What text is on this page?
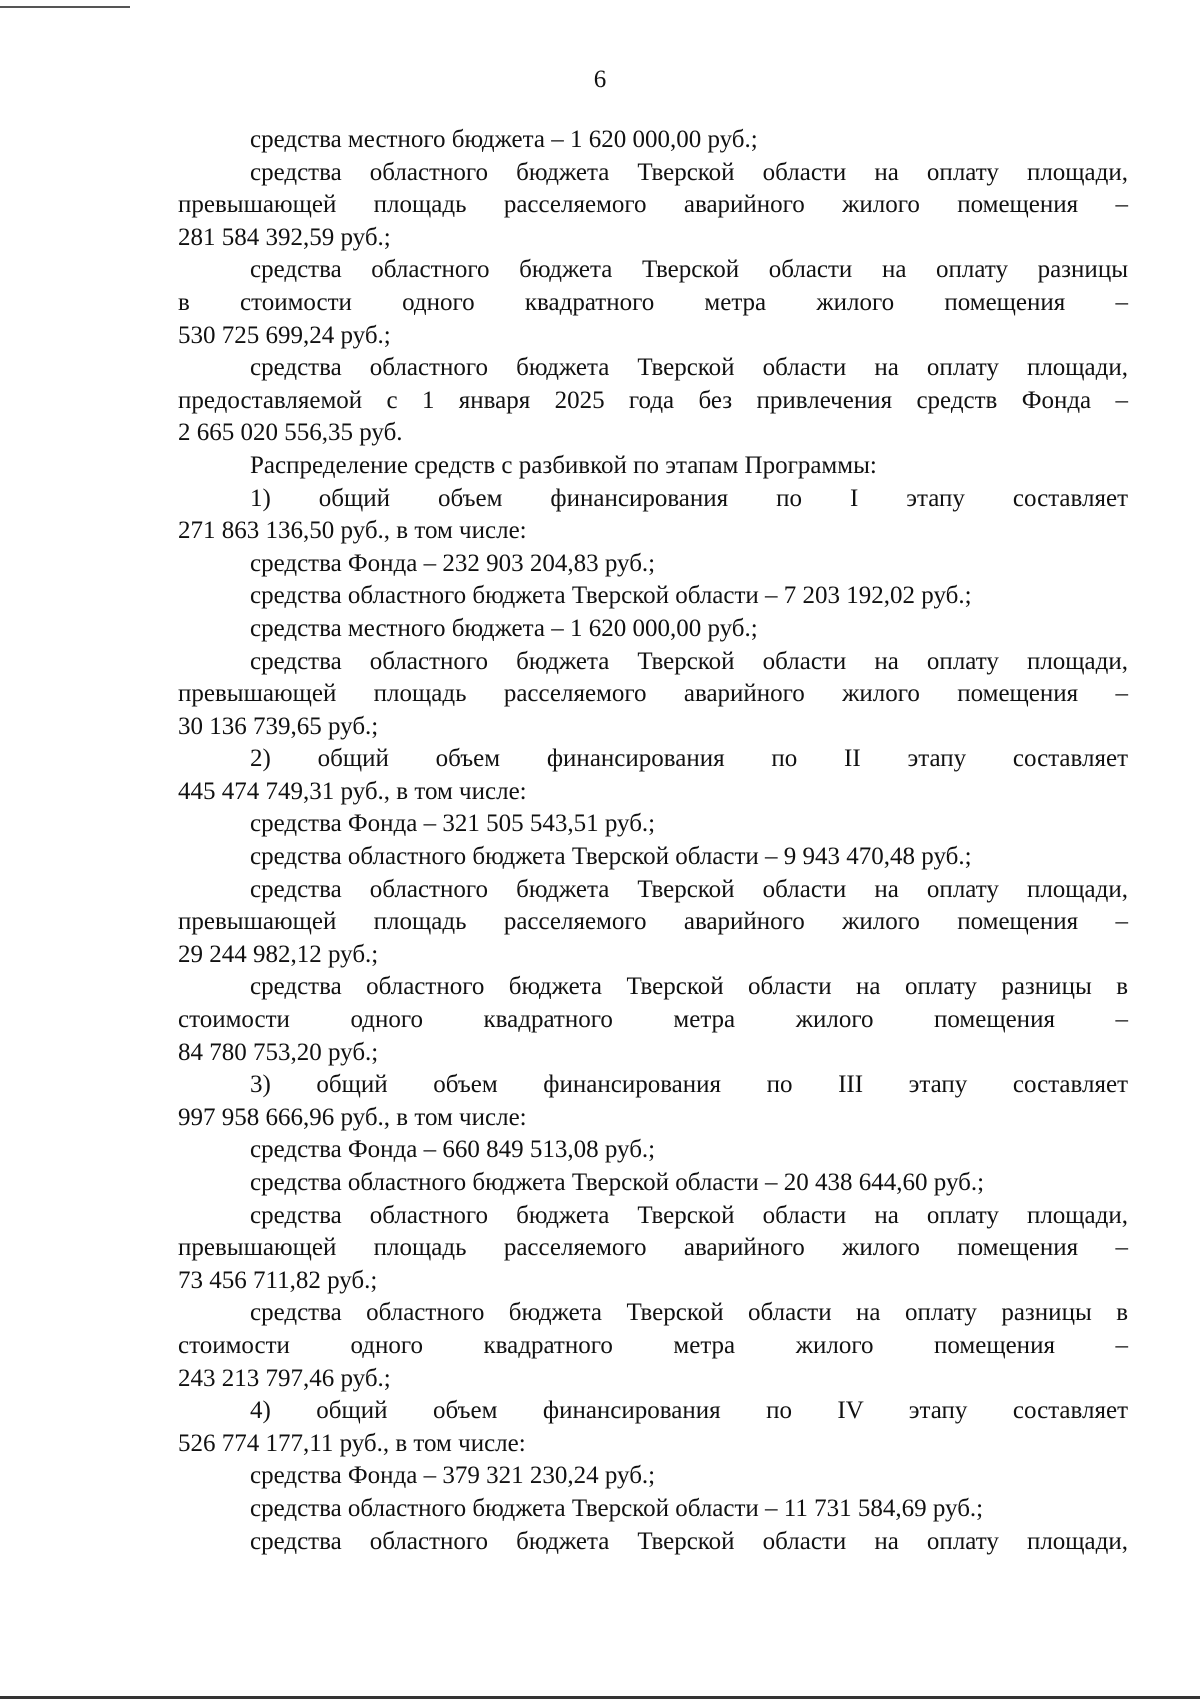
6

средства местного бюджета – 1 620 000,00 руб.;

средства областного бюджета Тверской области на оплату площади,
превышающей площадь расселяемого аварийного жилого помещения –
281 584 392,59 руб.;

средства областного бюджета Тверской области на оплату разницы
в стоимости одного квадратного метра жилого помещения –
530 725 699,24 руб.;

средства областного бюджета Тверской области на оплату площади,
предоставляемой с 1 января 2025 года без привлечения средств Фонда –
2 665 020 556,35 руб.

Распределение средств с разбивкой по этапам Программы:

1) общий объем финансирования по I этапу составляет
271 863 136,50 руб., в том числе:

средства Фонда – 232 903 204,83 руб.;

средства областного бюджета Тверской области – 7 203 192,02 руб.;

средства местного бюджета – 1 620 000,00 руб.;

средства областного бюджета Тверской области на оплату площади,
превышающей площадь расселяемого аварийного жилого помещения –
30 136 739,65 руб.;

2) общий объем финансирования по II этапу составляет
445 474 749,31 руб., в том числе:

средства Фонда – 321 505 543,51 руб.;

средства областного бюджета Тверской области – 9 943 470,48 руб.;

средства областного бюджета Тверской области на оплату площади,
превышающей площадь расселяемого аварийного жилого помещения –
29 244 982,12 руб.;

средства областного бюджета Тверской области на оплату разницы в
стоимости одного квадратного метра жилого помещения –
84 780 753,20 руб.;

3) общий объем финансирования по III этапу составляет
997 958 666,96 руб., в том числе:

средства Фонда – 660 849 513,08 руб.;

средства областного бюджета Тверской области – 20 438 644,60 руб.;

средства областного бюджета Тверской области на оплату площади,
превышающей площадь расселяемого аварийного жилого помещения –
73 456 711,82 руб.;

средства областного бюджета Тверской области на оплату разницы в
стоимости одного квадратного метра жилого помещения –
243 213 797,46 руб.;

4) общий объем финансирования по IV этапу составляет
526 774 177,11 руб., в том числе:

средства Фонда – 379 321 230,24 руб.;

средства областного бюджета Тверской области – 11 731 584,69 руб.;

средства областного бюджета Тверской области на оплату площади,
